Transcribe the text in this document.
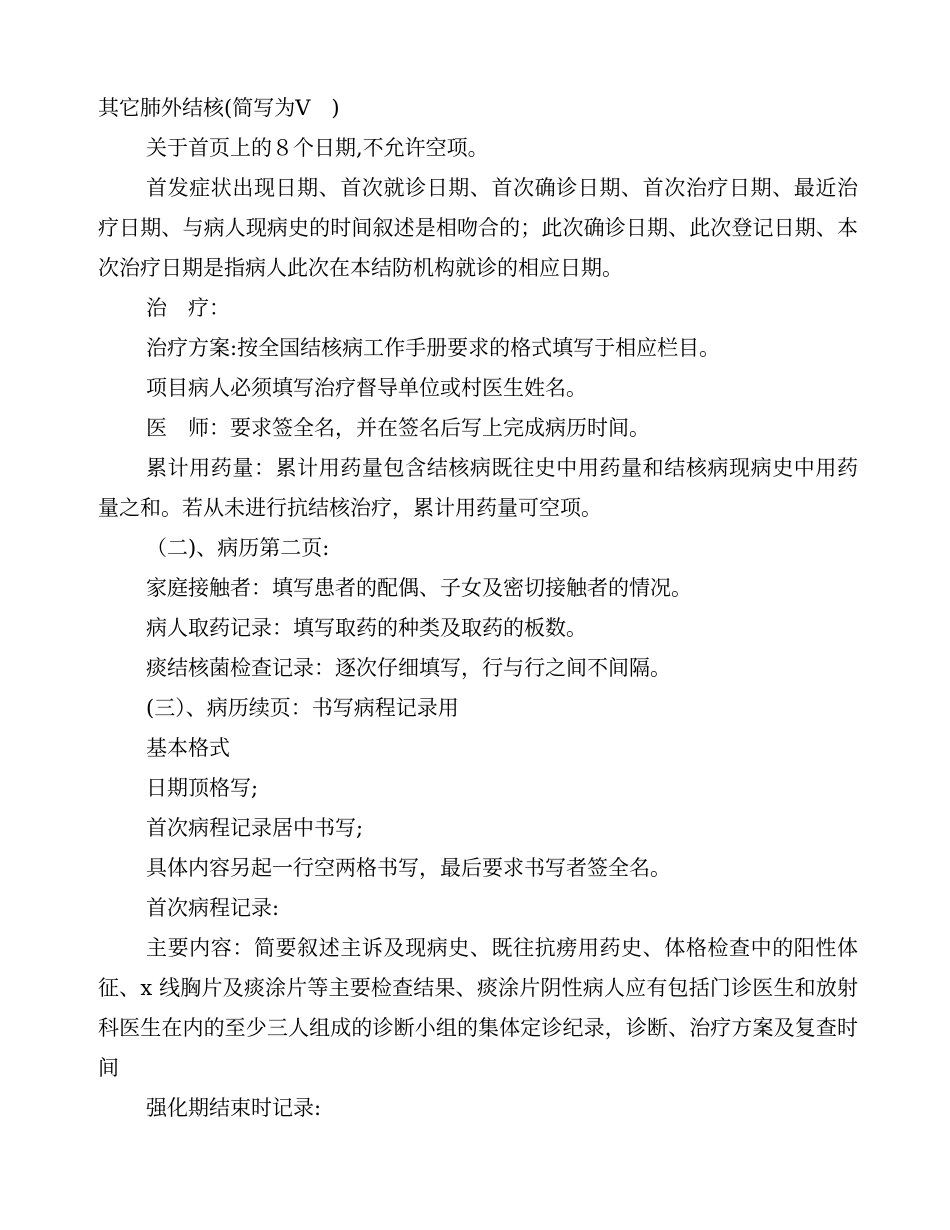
其它肺外结核(简写为Ⅴ　)

关于首页上的８个日期,不允许空项。

首发症状出现日期、首次就诊日期、首次确诊日期、首次治疗日期、最近治疗日期、与病人现病史的时间叙述是相吻合的；此次确诊日期、此次登记日期、本次治疗日期是指病人此次在本结防机构就诊的相应日期。

治　疗：

治疗方案:按全国结核病工作手册要求的格式填写于相应栏目。

项目病人必须填写治疗督导单位或村医生姓名。

医　师：要求签全名，并在签名后写上完成病历时间。

累计用药量：累计用药量包含结核病既往史中用药量和结核病现病史中用药量之和。若从未进行抗结核治疗，累计用药量可空项。

（二)、病历第二页:

家庭接触者：填写患者的配偶、子女及密切接触者的情况。

病人取药记录：填写取药的种类及取药的板数。

痰结核菌检查记录：逐次仔细填写，行与行之间不间隔。

(三）、病历续页：书写病程记录用

基本格式

日期顶格写;

首次病程记录居中书写;

具体内容另起一行空两格书写，最后要求书写者签全名。

首次病程记录:

主要内容：简要叙述主诉及现病史、既往抗痨用药史、体格检查中的阳性体征、x 线胸片及痰涂片等主要检查结果、痰涂片阴性病人应有包括门诊医生和放射科医生在内的至少三人组成的诊断小组的集体定诊纪录，诊断、治疗方案及复查时间

强化期结束时记录:
